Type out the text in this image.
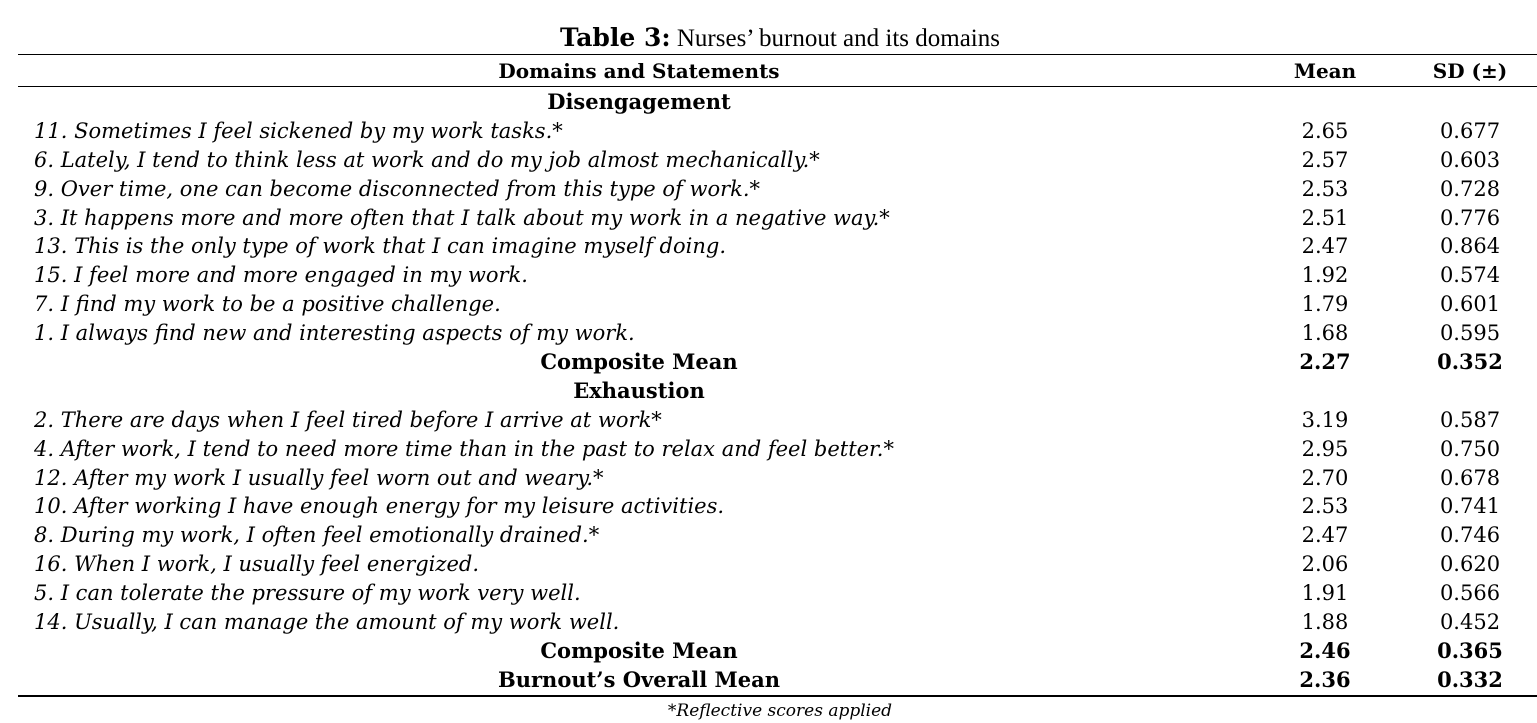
Table 3: Nurses’ burnout and its domains
Domains and Statements	Mean	SD (±)
Disengagement
11. Sometimes I feel sickened by my work tasks.*	2.65	0.677
6. Lately, I tend to think less at work and do my job almost mechanically.*	2.57	0.603
9. Over time, one can become disconnected from this type of work.*	2.53	0.728
3. It happens more and more often that I talk about my work in a negative way.*	2.51	0.776
13. This is the only type of work that I can imagine myself doing.	2.47	0.864
15. I feel more and more engaged in my work.	1.92	0.574
7. I find my work to be a positive challenge.	1.79	0.601
1. I always find new and interesting aspects of my work.	1.68	0.595
Composite Mean	2.27	0.352
Exhaustion
2. There are days when I feel tired before I arrive at work*	3.19	0.587
4. After work, I tend to need more time than in the past to relax and feel better.*	2.95	0.750
12. After my work I usually feel worn out and weary.*	2.70	0.678
10. After working I have enough energy for my leisure activities.	2.53	0.741
8. During my work, I often feel emotionally drained.*	2.47	0.746
16. When I work, I usually feel energized.	2.06	0.620
5. I can tolerate the pressure of my work very well.	1.91	0.566
14. Usually, I can manage the amount of my work well.	1.88	0.452
Composite Mean	2.46	0.365
Burnout’s Overall Mean	2.36	0.332
*Reflective scores applied
